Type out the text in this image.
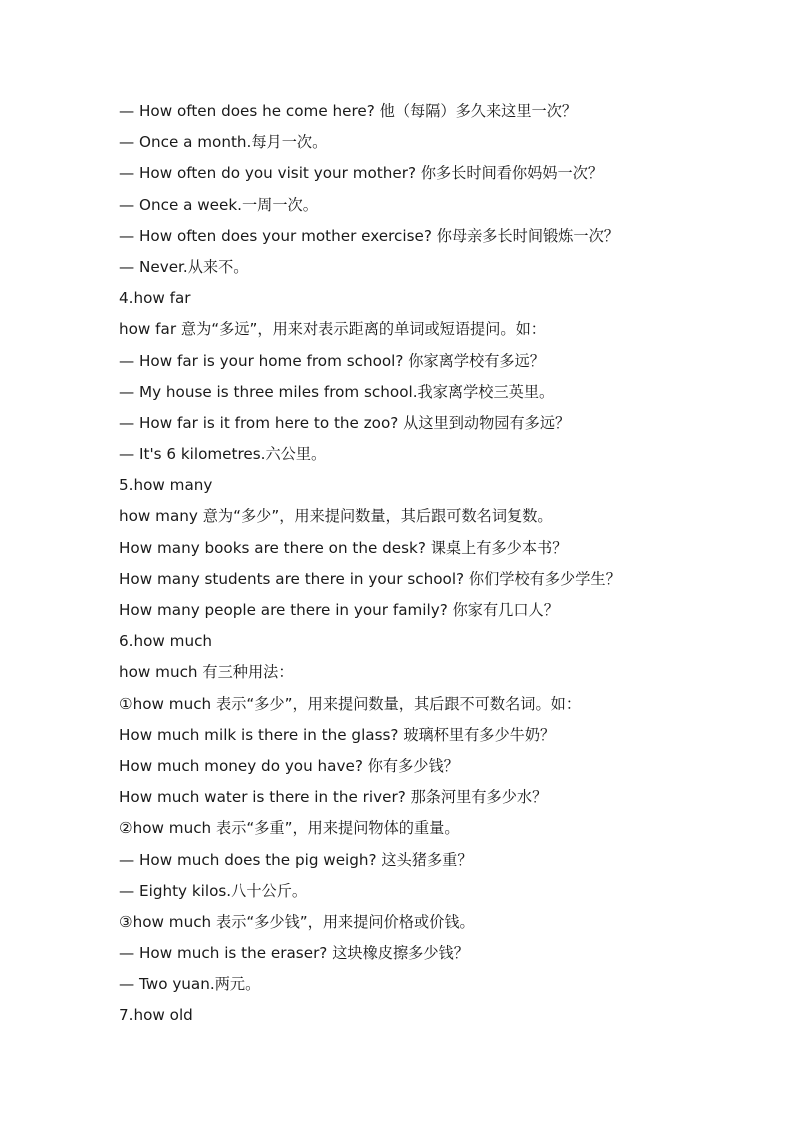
— How often does he come here? 他（每隔）多久来这里一次？
— Once a month.每月一次。
— How often do you visit your mother? 你多长时间看你妈妈一次？
— Once a week.一周一次。
— How often does your mother exercise? 你母亲多长时间锻炼一次？
— Never.从来不。
4.how far
how far 意为“多远”，用来对表示距离的单词或短语提问。如：
— How far is your home from school? 你家离学校有多远？
— My house is three miles from school.我家离学校三英里。
— How far is it from here to the zoo? 从这里到动物园有多远？
— It's 6 kilometres.六公里。
5.how many
how many 意为“多少”，用来提问数量，其后跟可数名词复数。
How many books are there on the desk? 课桌上有多少本书？
How many students are there in your school? 你们学校有多少学生？
How many people are there in your family? 你家有几口人？
6.how much
how much 有三种用法：
①how much 表示“多少”，用来提问数量，其后跟不可数名词。如：
How much milk is there in the glass? 玻璃杯里有多少牛奶？
How much money do you have? 你有多少钱？
How much water is there in the river? 那条河里有多少水？
②how much 表示“多重”，用来提问物体的重量。
— How much does the pig weigh? 这头猪多重？
— Eighty kilos.八十公斤。
③how much 表示“多少钱”，用来提问价格或价钱。
— How much is the eraser? 这块橡皮擦多少钱？
— Two yuan.两元。
7.how old
